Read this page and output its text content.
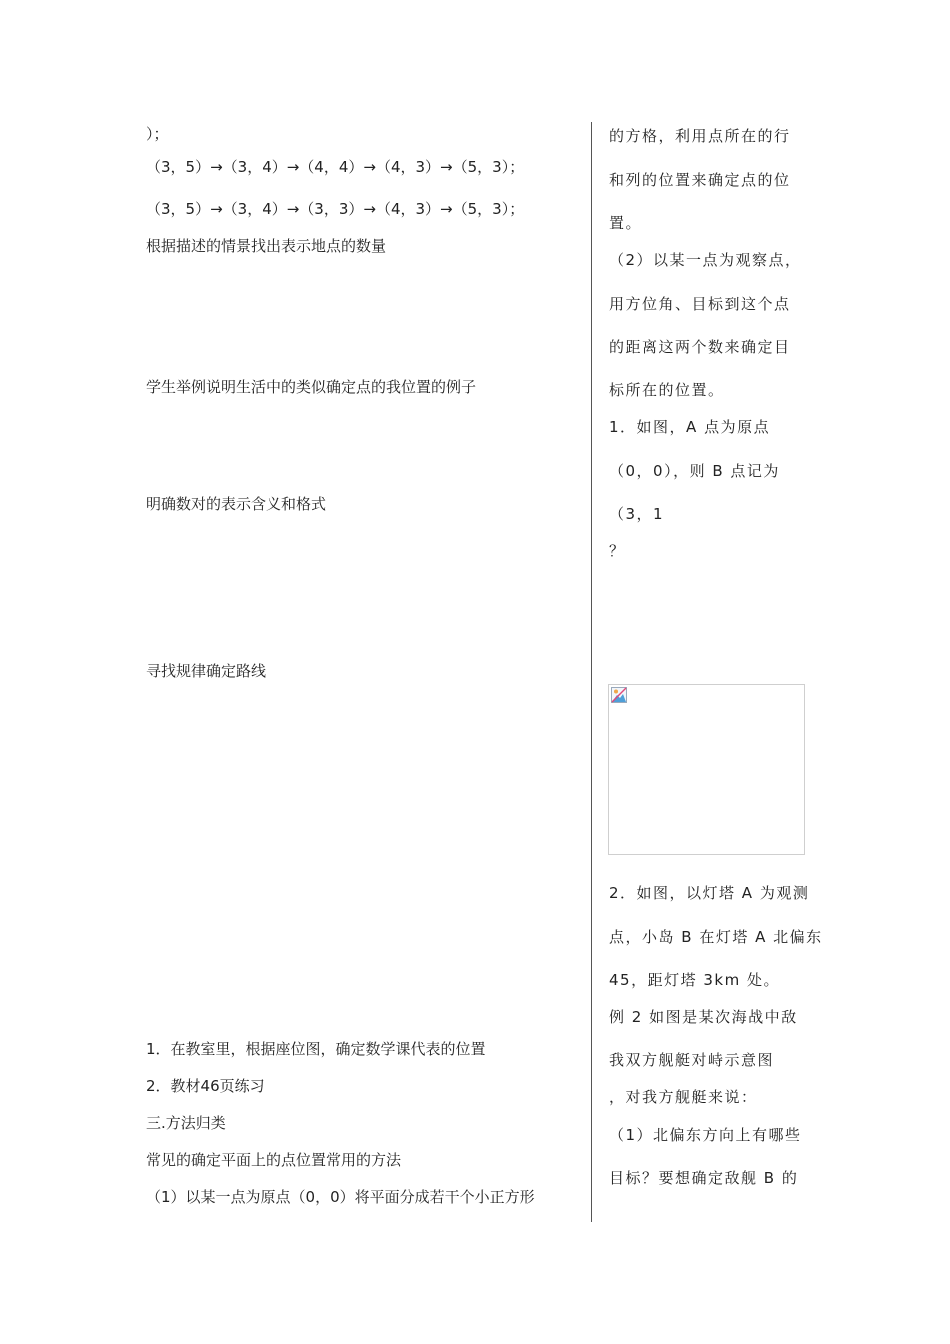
）；
（3，5）→（3，4）→（4，4）→（4，3）→（5，3）；
（3，5）→（3，4）→（3，3）→（4，3）→（5，3）；
根据描述的情景找出表示地点的数量
学生举例说明生活中的类似确定点的我位置的例子
明确数对的表示含义和格式
寻找规律确定路线
1．在教室里，根据座位图，确定数学课代表的位置
2．教材46页练习
三.方法归类
常见的确定平面上的点位置常用的方法
（1）以某一点为原点（0，0）将平面分成若干个小正方形
的方格，利用点所在的行
和列的位置来确定点的位
置。
（2）以某一点为观察点，
用方位角、目标到这个点
的距离这两个数来确定目
标所在的位置。
1．如图，A 点为原点
（0，0），则 B 点记为
（3，1
？
2．如图，以灯塔 A 为观测
点，小岛 B 在灯塔 A 北偏东
45，距灯塔 3km 处。
例 2 如图是某次海战中敌
我双方舰艇对峙示意图
，对我方舰艇来说：
（1）北偏东方向上有哪些
目标？要想确定敌舰 B 的
